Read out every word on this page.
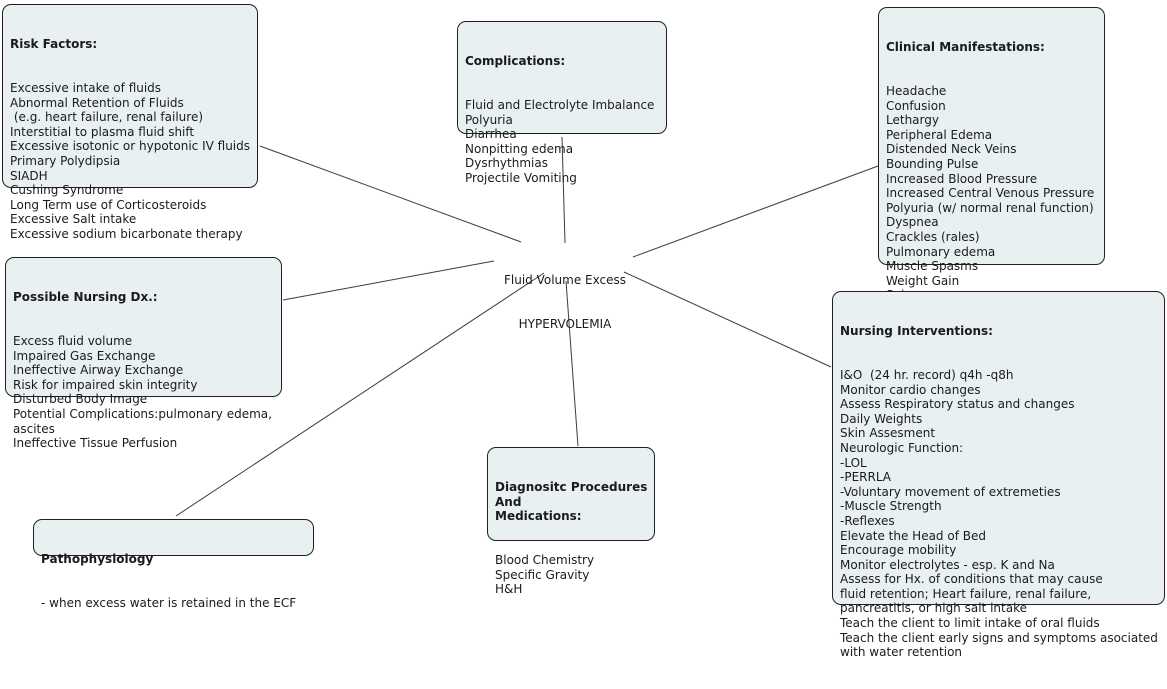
Fluid Volume Excess

HYPERVOLEMIA

Risk Factors:

Excessive intake of fluids
Abnormal Retention of Fluids
(e.g. heart failure, renal failure)
Interstitial to plasma fluid shift
Excessive isotonic or hypotonic IV fluids
Primary Polydipsia
SIADH
Cushing Syndrome
Long Term use of Corticosteroids
Excessive Salt intake
Excessive sodium bicarbonate therapy

Complications:

Fluid and Electrolyte Imbalance
Polyuria
Diarrhea
Nonpitting edema
Dysrhythmias
Projectile Vomiting

Clinical Manifestations:

Headache
Confusion
Lethargy
Peripheral Edema
Distended Neck Veins
Bounding Pulse
Increased Blood Pressure
Increased Central Venous Pressure
Polyuria (w/ normal renal function)
Dyspnea
Crackles (rales)
Pulmonary edema
Muscle Spasms
Weight Gain

Possible Nursing Dx.:

Excess fluid volume
Impaired Gas Exchange
Ineffective Airway Exchange
Risk for impaired skin integrity
Disturbed Body Image
Potential Complications:pulmonary edema,
ascites
Ineffective Tissue Perfusion

Nursing Interventions:

I&O  (24 hr. record) q4h -q8h
Monitor cardio changes
Assess Respiratory status and changes
Daily Weights
Skin Assesment
Neurologic Function:
-LOL
-PERRLA
-Voluntary movement of extremeties
-Muscle Strength
-Reflexes
Elevate the Head of Bed
Encourage mobility
Monitor electrolytes - esp. K and Na
Assess for Hx. of conditions that may cause
fluid retention; Heart failure, renal failure,
pancreatitis, or high salt intake
Teach the client to limit intake of oral fluids
Teach the client early signs and symptoms asociated
with water retention

Diagnositc Procedures
And
Medications:

Blood Chemistry
Specific Gravity
H&H

Pathophysiology

- when excess water is retained in the ECF
